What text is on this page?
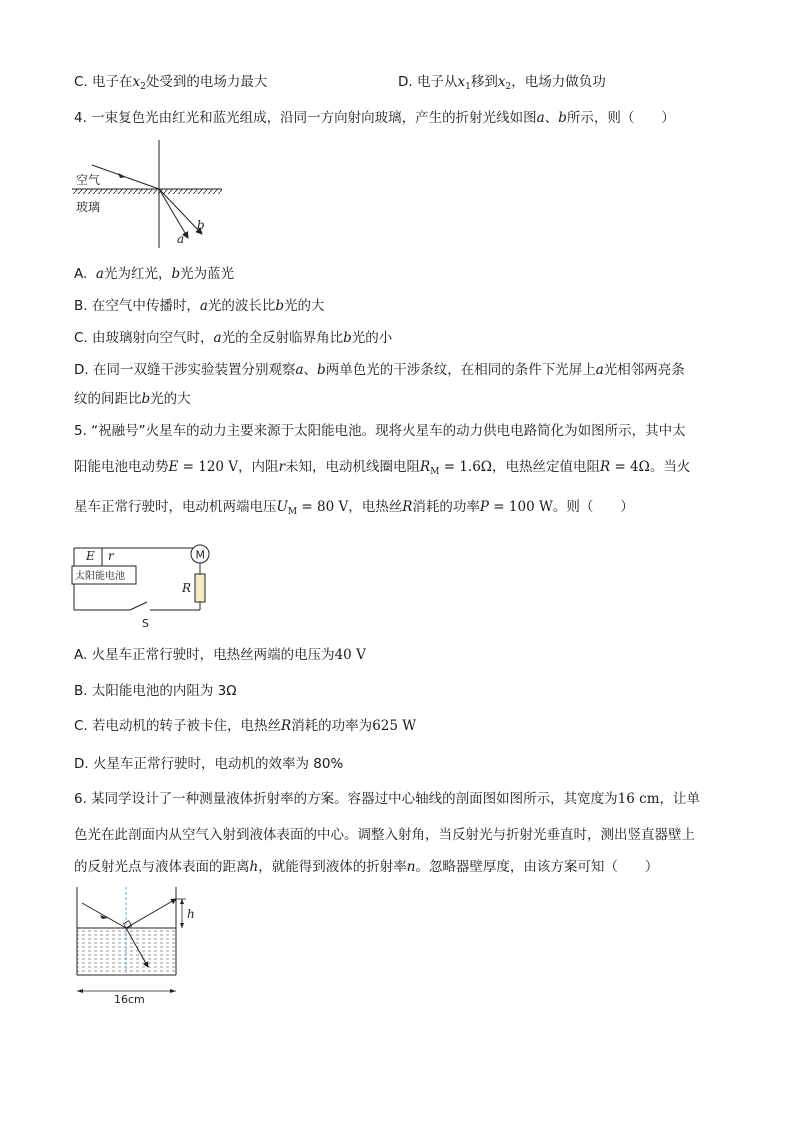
C. 电子在$x_2$处受到的电场力最大	D. 电子从$x_1$移到$x_2$，电场力做负功
4. 一束复色光由红光和蓝光组成，沿同一方向射向玻璃，产生的折射光线如图a、b所示，则（　　）
空气
玻璃
a
b
A. a光为红光，b光为蓝光
B. 在空气中传播时，a光的波长比b光的大
C. 由玻璃射向空气时，a光的全反射临界角比b光的小
D. 在同一双缝干涉实验装置分别观察a、b两单色光的干涉条纹，在相同的条件下光屏上a光相邻两亮条
纹的间距比b光的大
5. “祝融号”火星车的动力主要来源于太阳能电池。现将火星车的动力供电电路简化为如图所示，其中太
阳能电池电动势E = 120 V，内阻r未知，电动机线圈电阻$R_M = 1.6\Omega$，电热丝定值电阻R = 4Ω。当火
星车正常行驶时，电动机两端电压$U_M = 80$ V，电热丝R消耗的功率P = 100 W。则（　　）
E r
太阳能电池
M
R
S
A. 火星车正常行驶时，电热丝两端的电压为40 V
B. 太阳能电池的内阻为 3Ω
C. 若电动机的转子被卡住，电热丝R消耗的功率为625 W
D. 火星车正常行驶时，电动机的效率为 80%
6. 某同学设计了一种测量液体折射率的方案。容器过中心轴线的剖面图如图所示，其宽度为16 cm，让单
色光在此剖面内从空气入射到液体表面的中心。调整入射角，当反射光与折射光垂直时，测出竖直器壁上
的反射光点与液体表面的距离h，就能得到液体的折射率n。忽略器壁厚度，由该方案可知（　　）
h
16cm
